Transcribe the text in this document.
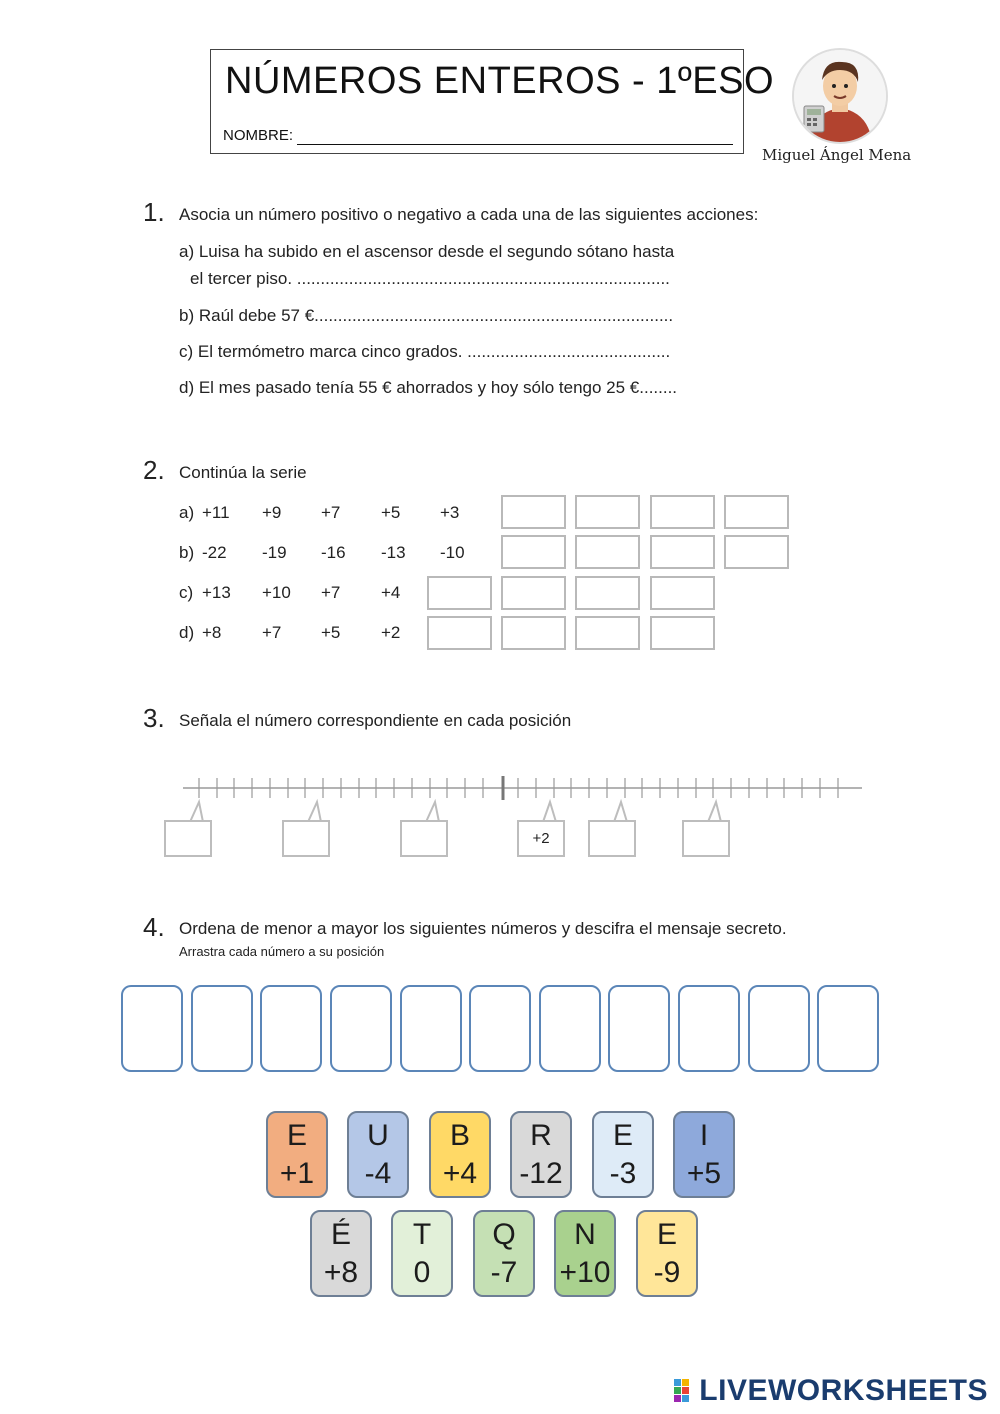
NÚMEROS ENTEROS - 1ºESO
NOMBRE:
Miguel Ángel Mena
1. Asocia un número positivo o negativo a cada una de las siguientes acciones:
a) Luisa ha subido en el ascensor desde el segundo sótano hasta
el tercer piso. ...............................................................................
b) Raúl debe 57 €............................................................................
c) El termómetro marca cinco grados. ...........................................
d) El mes pasado tenía 55 € ahorrados y hoy sólo tengo 25 €........
2. Continúa la serie
a) +11 +9 +7 +5 +3
b) -22 -19 -16 -13 -10
c) +13 +10 +7 +4
d) +8 +7 +5 +2
3. Señala el número correspondiente en cada posición
+2
4. Ordena de menor a mayor los siguientes números y descifra el mensaje secreto.
Arrastra cada número a su posición
E
+1
U
-4
B
+4
R
-12
E
-3
I
+5
É
+8
T
0
Q
-7
N
+10
E
-9
LIVEWORKSHEETS
